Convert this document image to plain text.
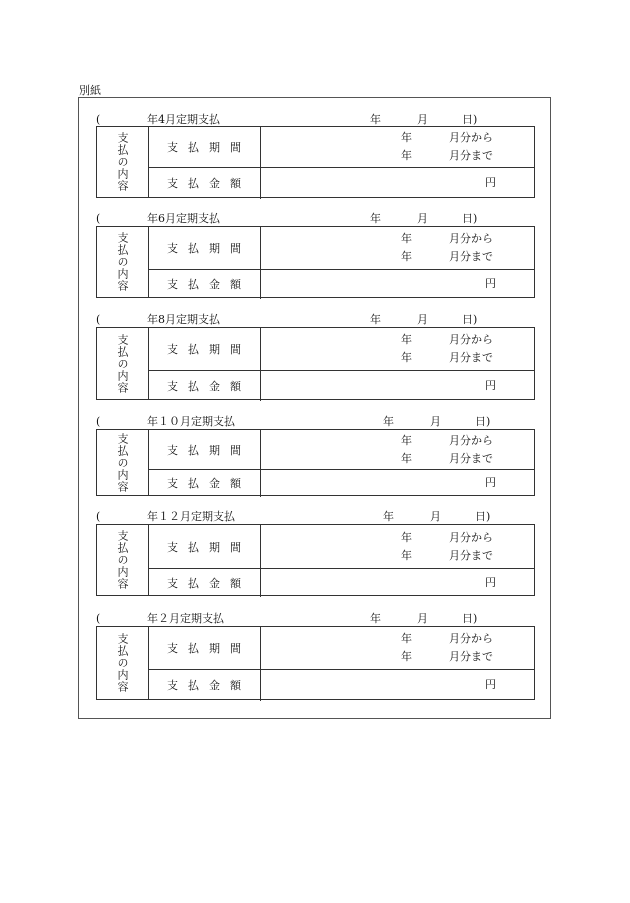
別紙
(	年4月定期支払	年	月	日)
支払の内容	支払期間
年	月分から
年	月分まで
支払金額	円
(	年6月定期支払	年	月	日)
支払の内容	支払期間
年	月分から
年	月分まで
支払金額	円
(	年8月定期支払	年	月	日)
支払の内容	支払期間
年	月分から
年	月分まで
支払金額	円
(	年１０月定期支払	年	月	日)
支払の内容	支払期間
年	月分から
年	月分まで
支払金額	円
(	年１２月定期支払	年	月	日)
支払の内容	支払期間
年	月分から
年	月分まで
支払金額	円
(	年２月定期支払	年	月	日)
支払の内容	支払期間
年	月分から
年	月分まで
支払金額	円
